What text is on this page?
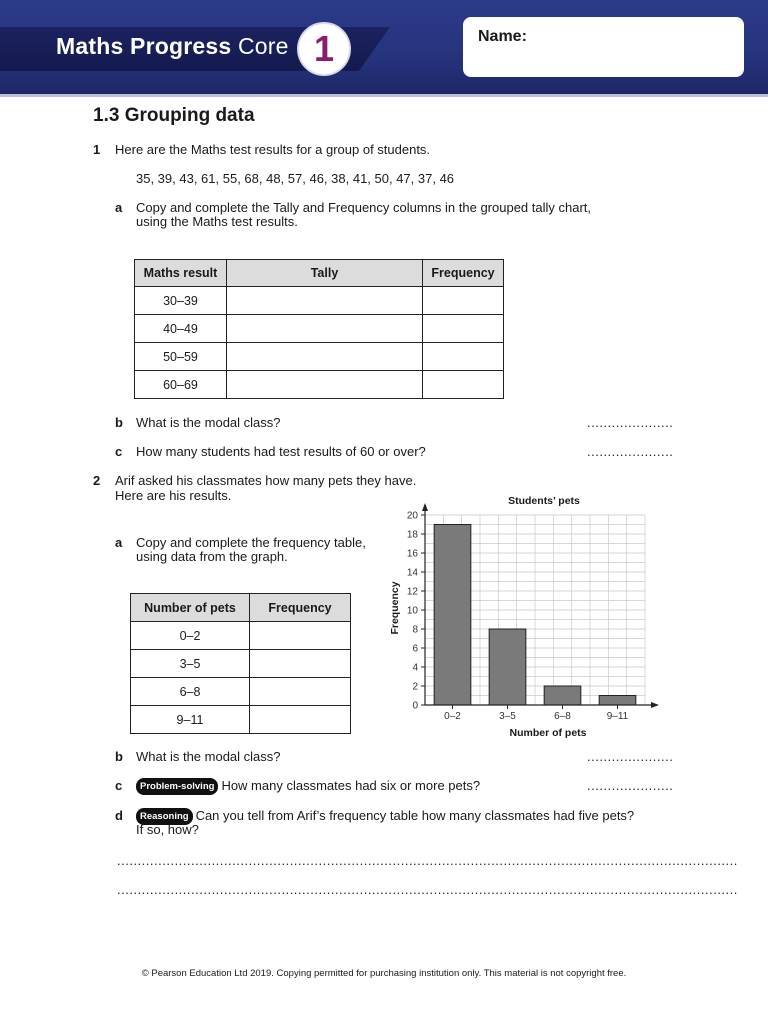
Maths Progress Core 1	Name:
1.3 Grouping data
1 Here are the Maths test results for a group of students.
35, 39, 43, 61, 55, 68, 48, 57, 46, 38, 41, 50, 47, 37, 46
a Copy and complete the Tally and Frequency columns in the grouped tally chart,
using the Maths test results.
Maths result	Tally	Frequency
30–39		
40–49		
50–59		
60–69		
b What is the modal class?	.....................
c How many students had test results of 60 or over?	.....................
2 Arif asked his classmates how many pets they have.
Here are his results.
a Copy and complete the frequency table,
using data from the graph.
Number of pets	Frequency
0–2	
3–5	
6–8	
9–11	
Students’ pets
0
2
4
6
8
10
12
14
16
18
20
0–2	3–5	6–8	9–11
Number of pets
Frequency
b What is the modal class?	.....................
c	Problem-solving How many classmates had six or more pets?	.....................
d	Reasoning Can you tell from Arif’s frequency table how many classmates had five pets?
If so, how?
.......................................................................................................................................................
.......................................................................................................................................................
© Pearson Education Ltd 2019. Copying permitted for purchasing institution only. This material is not copyright free.
